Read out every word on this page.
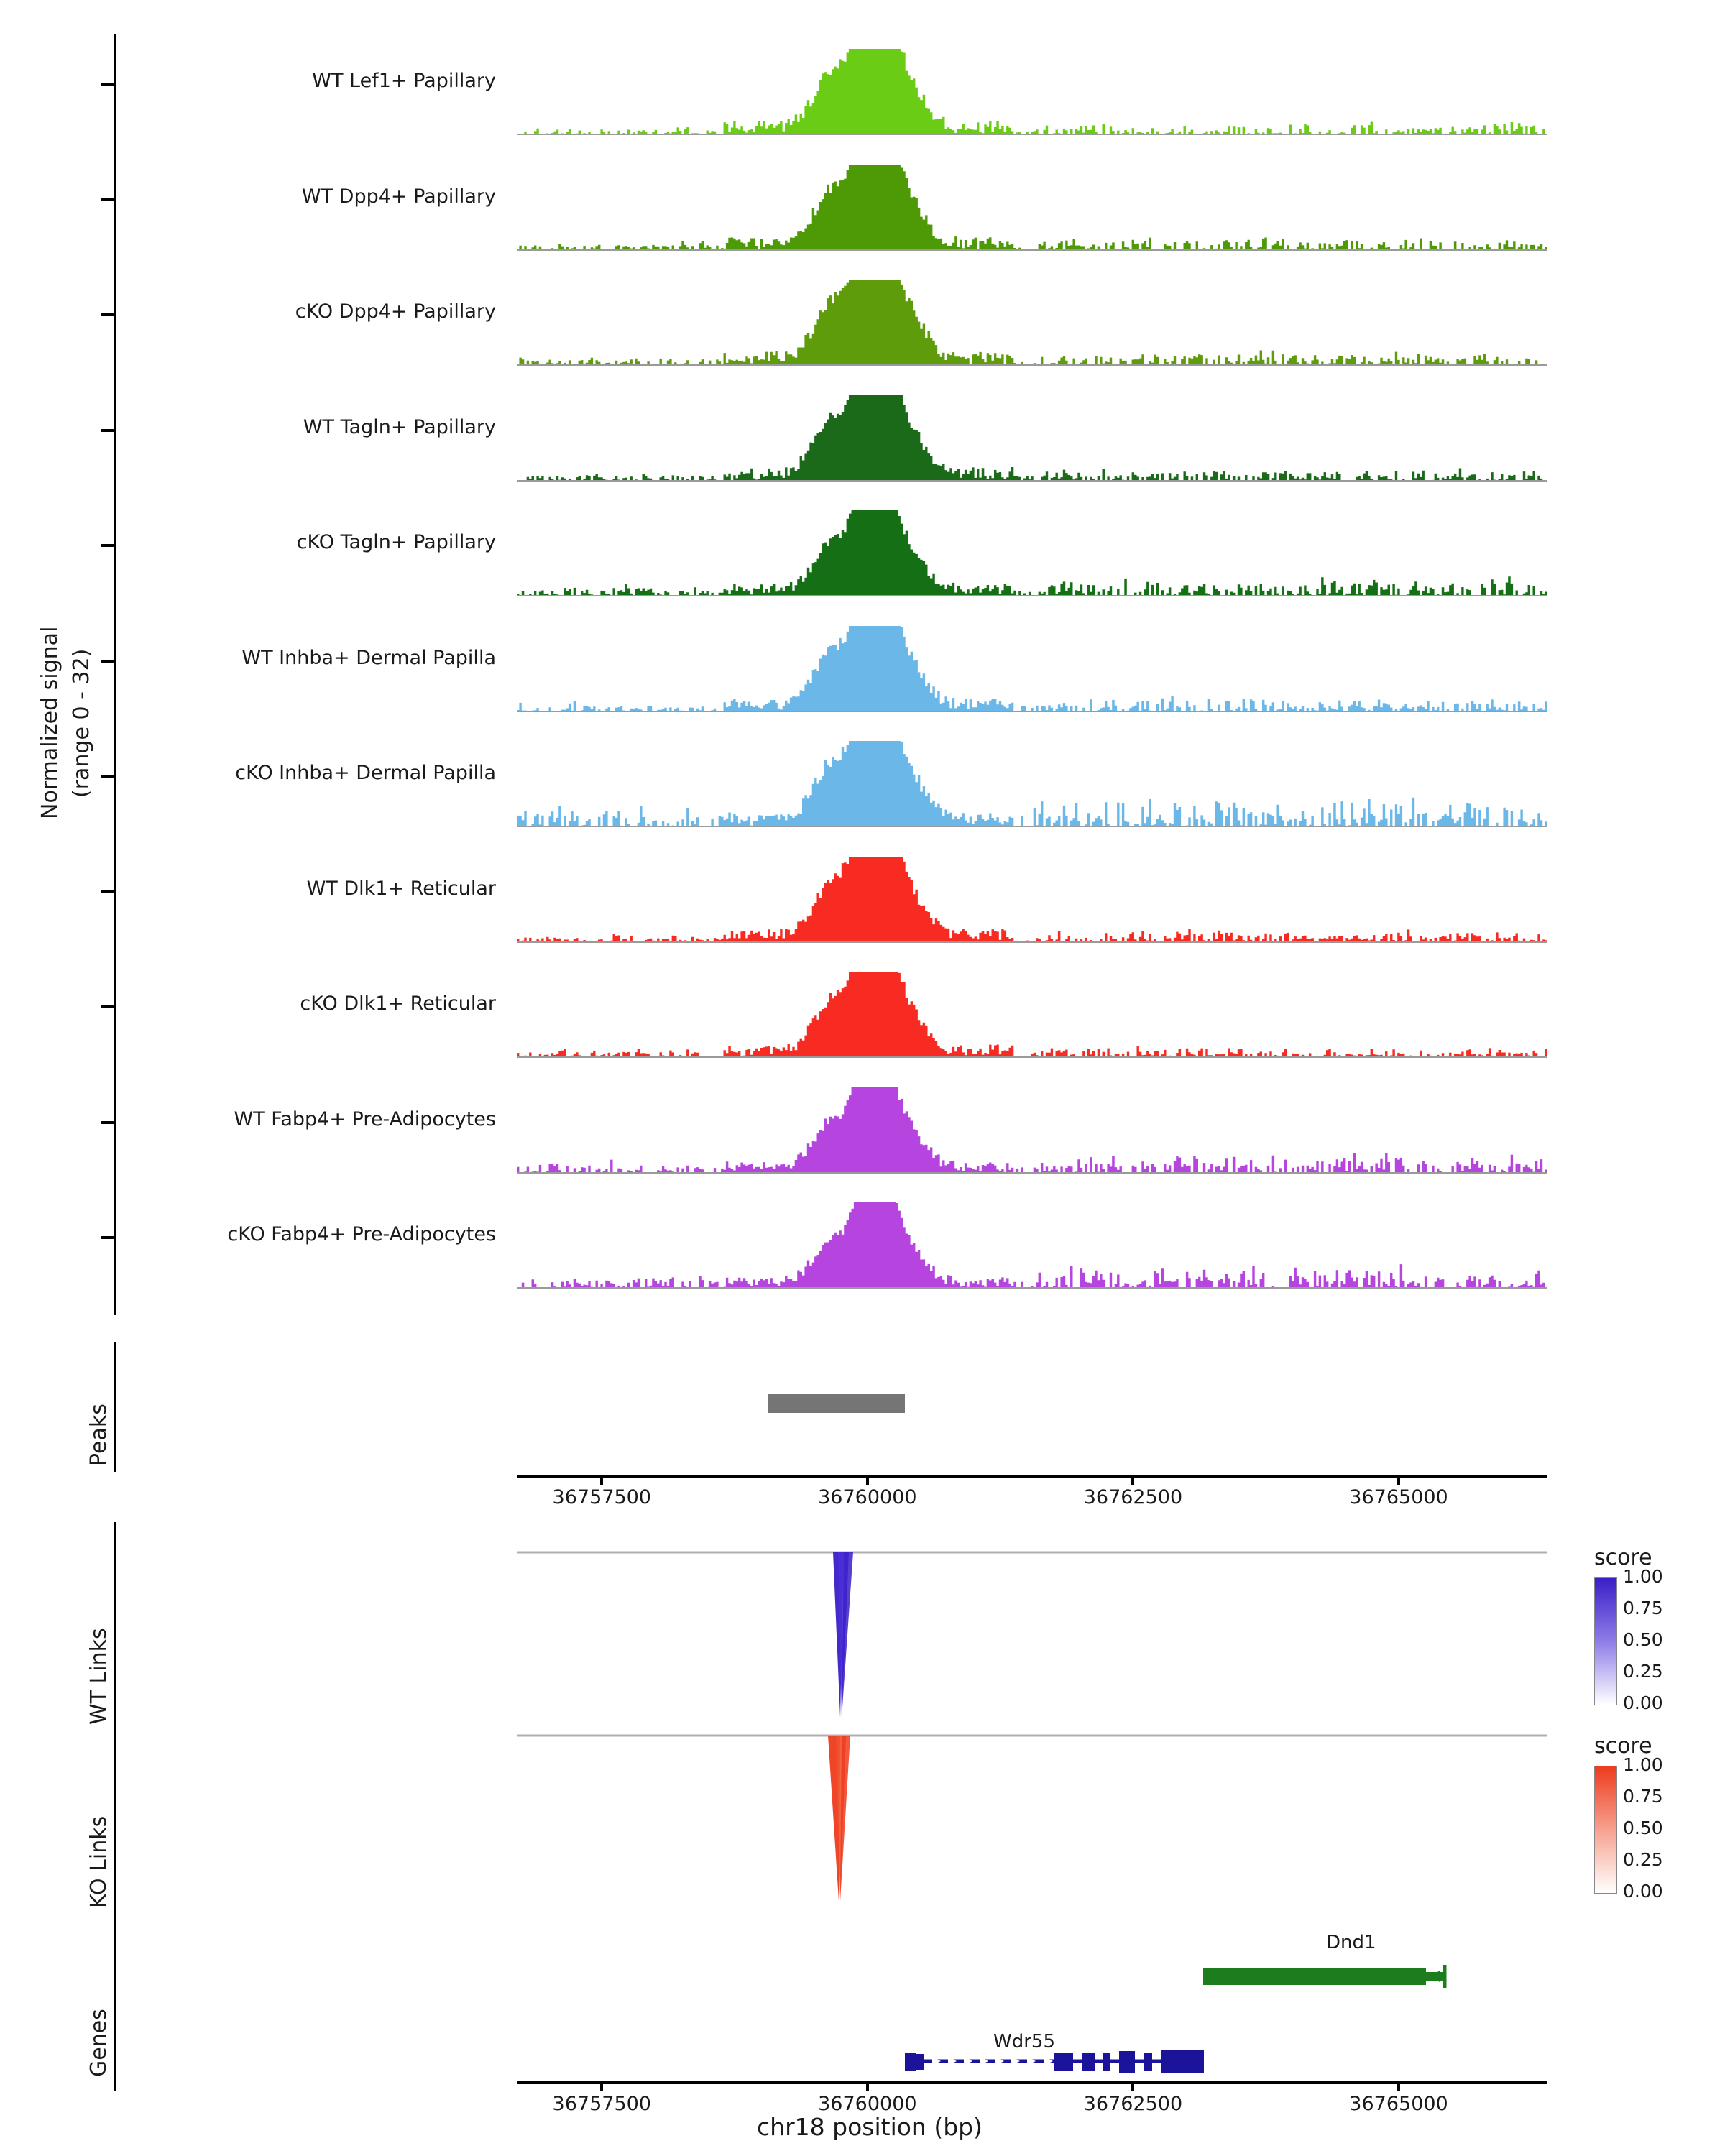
Normalized signal (range 0 - 32)
WT Lef1+ Papillary
WT Dpp4+ Papillary
cKO Dpp4+ Papillary
WT Tagln+ Papillary
cKO Tagln+ Papillary
WT Inhba+ Dermal Papilla
cKO Inhba+ Dermal Papilla
WT Dlk1+ Reticular
cKO Dlk1+ Reticular
WT Fabp4+ Pre-Adipocytes
cKO Fabp4+ Pre-Adipocytes
Peaks
36757500	36760000	36762500	36765000
WT Links
score
1.00
0.75
0.50
0.25
0.00
KO Links
score
1.00
0.75
0.50
0.25
0.00
Genes
Dnd1
Wdr55
36757500	36760000	36762500	36765000
chr18 position (bp)
